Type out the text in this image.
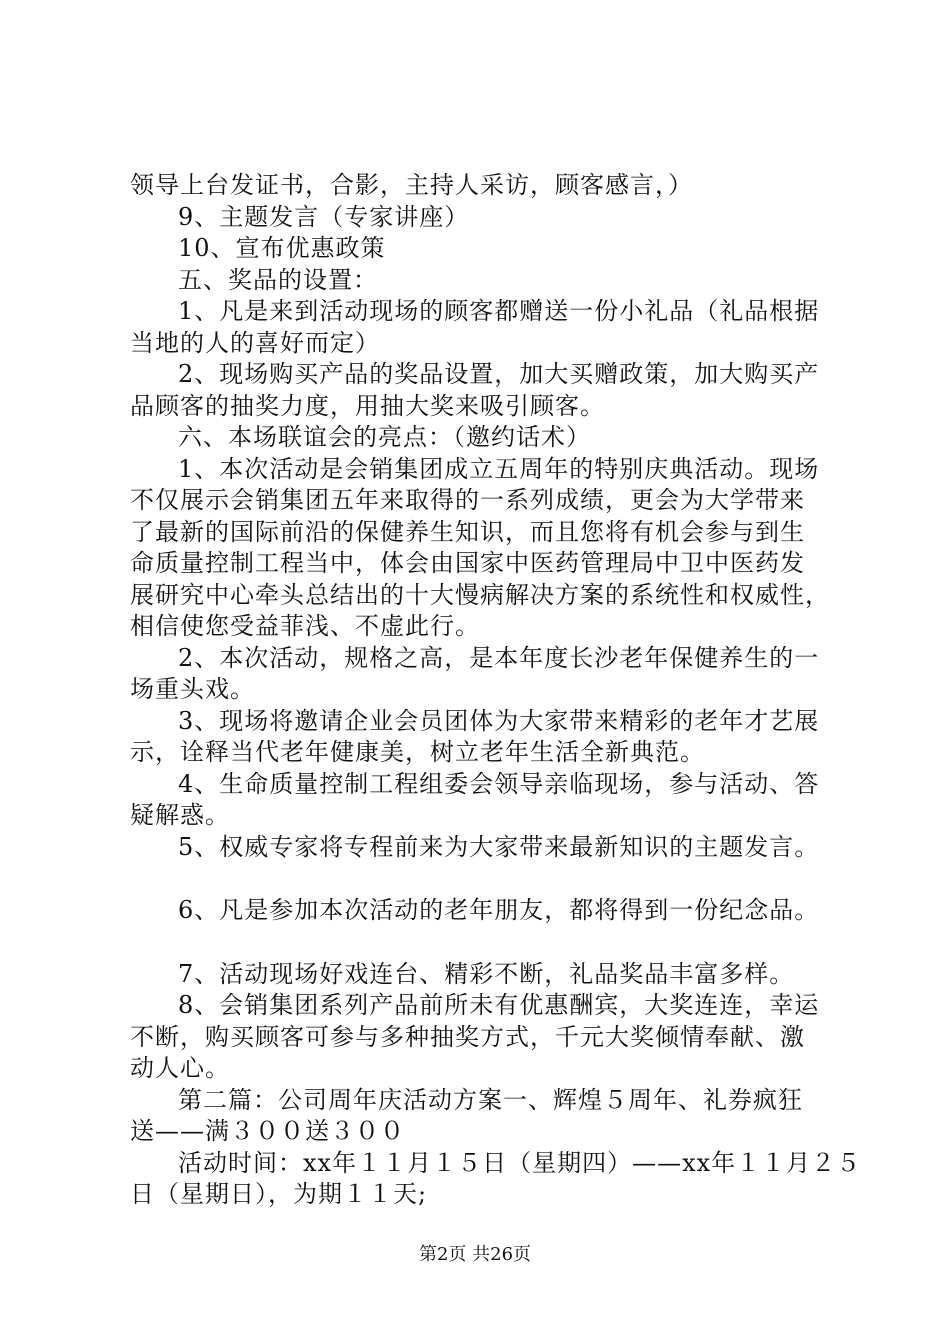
领导上台发证书，合影，主持人采访，顾客感言，）

9、主题发言（专家讲座）

10、宣布优惠政策

五、奖品的设置：

1、凡是来到活动现场的顾客都赠送一份小礼品（礼品根据

当地的人的喜好而定）

2、现场购买产品的奖品设置，加大买赠政策，加大购买产

品顾客的抽奖力度，用抽大奖来吸引顾客。

六、本场联谊会的亮点：（邀约话术）

1、本次活动是会销集团成立五周年的特别庆典活动。现场

不仅展示会销集团五年来取得的一系列成绩，更会为大学带来

了最新的国际前沿的保健养生知识，而且您将有机会参与到生

命质量控制工程当中，体会由国家中医药管理局中卫中医药发

展研究中心牵头总结出的十大慢病解决方案的系统性和权威性，

相信使您受益菲浅、不虚此行。

2、本次活动，规格之高，是本年度长沙老年保健养生的一

场重头戏。

3、现场将邀请企业会员团体为大家带来精彩的老年才艺展

示，诠释当代老年健康美，树立老年生活全新典范。

4、生命质量控制工程组委会领导亲临现场，参与活动、答

疑解惑。

5、权威专家将专程前来为大家带来最新知识的主题发言。

6、凡是参加本次活动的老年朋友，都将得到一份纪念品。

7、活动现场好戏连台、精彩不断，礼品奖品丰富多样。

8、会销集团系列产品前所未有优惠酬宾，大奖连连，幸运

不断，购买顾客可参与多种抽奖方式，千元大奖倾情奉献、激

动人心。

第二篇：公司周年庆活动方案一、辉煌５周年、礼券疯狂

送——满３００送３００

活动时间：xx年１１月１５日（星期四）——xx年１１月２５

日（星期日），为期１１天;

第2页 共26页
